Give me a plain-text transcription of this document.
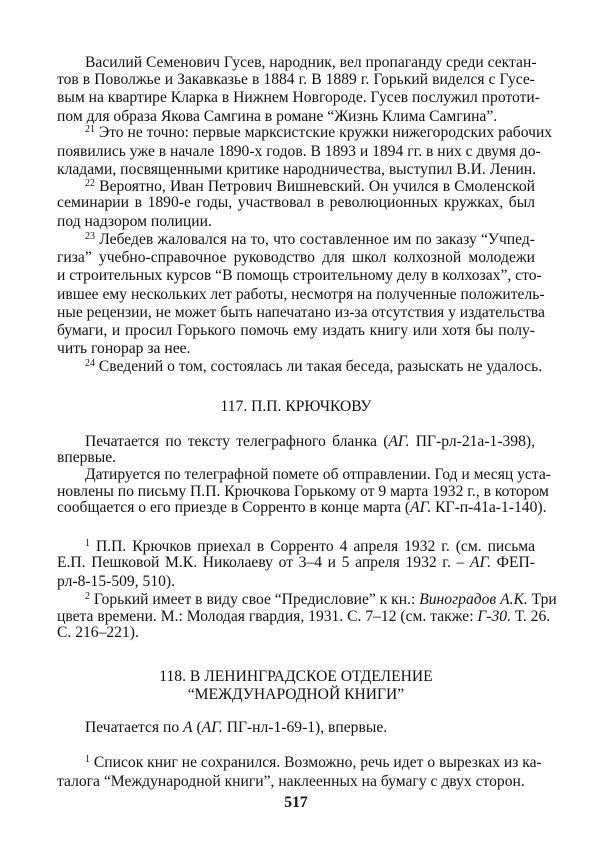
517
Василий Семенович Гусев, народник, вел пропаганду среди сектан-
тов в Поволжье и Закавказье в 1884 г. В 1889 г. Горький виделся с Гусе-
вым на квартире Кларка в Нижнем Новгороде. Гусев послужил прототи-
пом для образа Якова Самгина в романе “Жизнь Клима Самгина”.
$^{21}$ Это не точно: первые марксистские кружки нижегородских рабочих
появились уже в начале 1890-х годов. В 1893 и 1894 гг. в них с двумя до-
кладами, посвященными критике народничества, выступил В.И. Ленин.
$^{22}$ Вероятно, Иван Петрович Вишневский. Он учился в Смоленской
семинарии в 1890-е годы, участвовал в революционных кружках, был
под надзором полиции.
$^{23}$ Лебедев жаловался на то, что составленное им по заказу “Учпед-
гиза” учебно-справочное руководство для школ колхозной молодежи
и строительных курсов “В помощь строительному делу в колхозах”, сто-
ившее ему нескольких лет работы, несмотря на полученные положитель-
ные рецензии, не может быть напечатано из-за отсутствия у издательства
бумаги, и просил Горького помочь ему издать книгу или хотя бы полу-
чить гонорар за нее.
$^{24}$ Сведений о том, состоялась ли такая беседа, разыскать не удалось.
117. П.П. КРЮЧКОВУ
Печатается по тексту телеграфного бланка (АГ. ПГ-рл-21а-1-398),
впервые.
Датируется по телеграфной помете об отправлении. Год и месяц уста-
новлены по письму П.П. Крючкова Горькому от 9 марта 1932 г., в котором
сообщается о его приезде в Сорренто в конце марта (АГ. КГ-п-41а-1-140).
$^1$ П.П. Крючков приехал в Сорренто 4 апреля 1932 г. (см. письма
Е.П. Пешковой М.К. Николаеву от 3–4 и 5 апреля 1932 г. – АГ. ФЕП-
рл-8-15-509, 510).
$^2$ Горький имеет в виду свое “Предисловие” к кн.: Виноградов А.К. Три
цвета времени. М.: Молодая гвардия, 1931. С. 7–12 (см. также: Г-30. Т. 26.
С. 216–221).
118. В ЛЕНИНГРАДСКОЕ ОТДЕЛЕНИЕ
“МЕЖДУНАРОДНОЙ КНИГИ”
Печатается по А (АГ. ПГ-нл-1-69-1), впервые.
$^1$ Список книг не сохранился. Возможно, речь идет о вырезках из ка-
талога “Международной книги”, наклеенных на бумагу с двух сторон.
